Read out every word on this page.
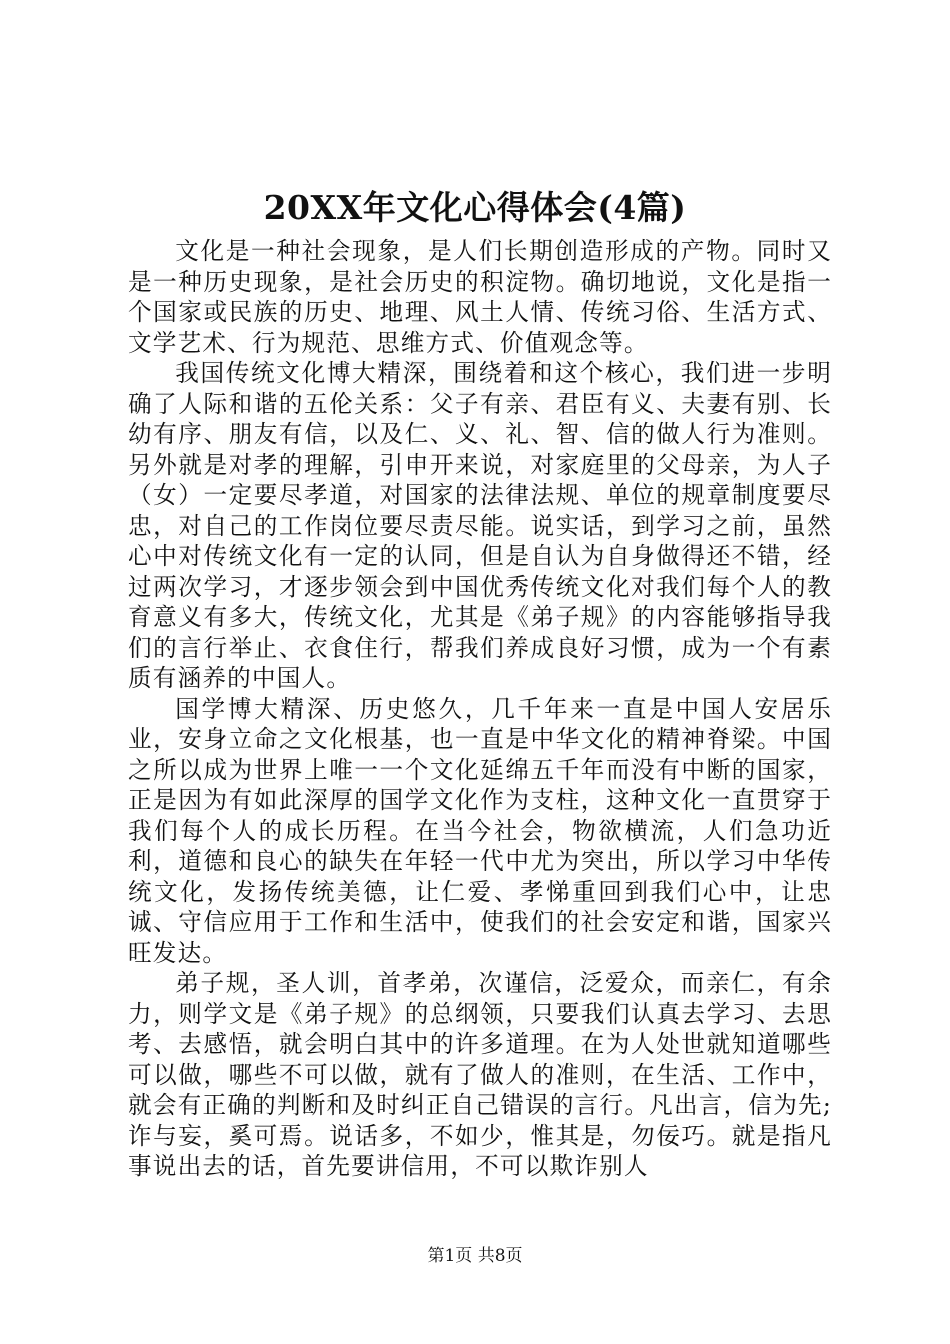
20XX年文化心得体会(4篇)

文化是一种社会现象，是人们长期创造形成的产物。同时又是一种历史现象，是社会历史的积淀物。确切地说，文化是指一个国家或民族的历史、地理、风土人情、传统习俗、生活方式、文学艺术、行为规范、思维方式、价值观念等。

我国传统文化博大精深，围绕着和这个核心，我们进一步明确了人际和谐的五伦关系：父子有亲、君臣有义、夫妻有别、长幼有序、朋友有信，以及仁、义、礼、智、信的做人行为准则。另外就是对孝的理解，引申开来说，对家庭里的父母亲，为人子（女）一定要尽孝道，对国家的法律法规、单位的规章制度要尽忠，对自己的工作岗位要尽责尽能。说实话，到学习之前，虽然心中对传统文化有一定的认同，但是自认为自身做得还不错，经过两次学习，才逐步领会到中国优秀传统文化对我们每个人的教育意义有多大，传统文化，尤其是《弟子规》的内容能够指导我们的言行举止、衣食住行，帮我们养成良好习惯，成为一个有素质有涵养的中国人。

国学博大精深、历史悠久，几千年来一直是中国人安居乐业，安身立命之文化根基，也一直是中华文化的精神脊梁。中国之所以成为世界上唯一一个文化延绵五千年而没有中断的国家，正是因为有如此深厚的国学文化作为支柱，这种文化一直贯穿于我们每个人的成长历程。在当今社会，物欲横流，人们急功近利，道德和良心的缺失在年轻一代中尤为突出，所以学习中华传统文化，发扬传统美德，让仁爱、孝悌重回到我们心中，让忠诚、守信应用于工作和生活中，使我们的社会安定和谐，国家兴旺发达。

弟子规，圣人训，首孝弟，次谨信，泛爱众，而亲仁，有余力，则学文是《弟子规》的总纲领，只要我们认真去学习、去思考、去感悟，就会明白其中的许多道理。在为人处世就知道哪些可以做，哪些不可以做，就有了做人的准则，在生活、工作中，就会有正确的判断和及时纠正自己错误的言行。凡出言，信为先;诈与妄，奚可焉。说话多，不如少，惟其是，勿佞巧。就是指凡事说出去的话，首先要讲信用，不可以欺诈别人

第1页 共8页
